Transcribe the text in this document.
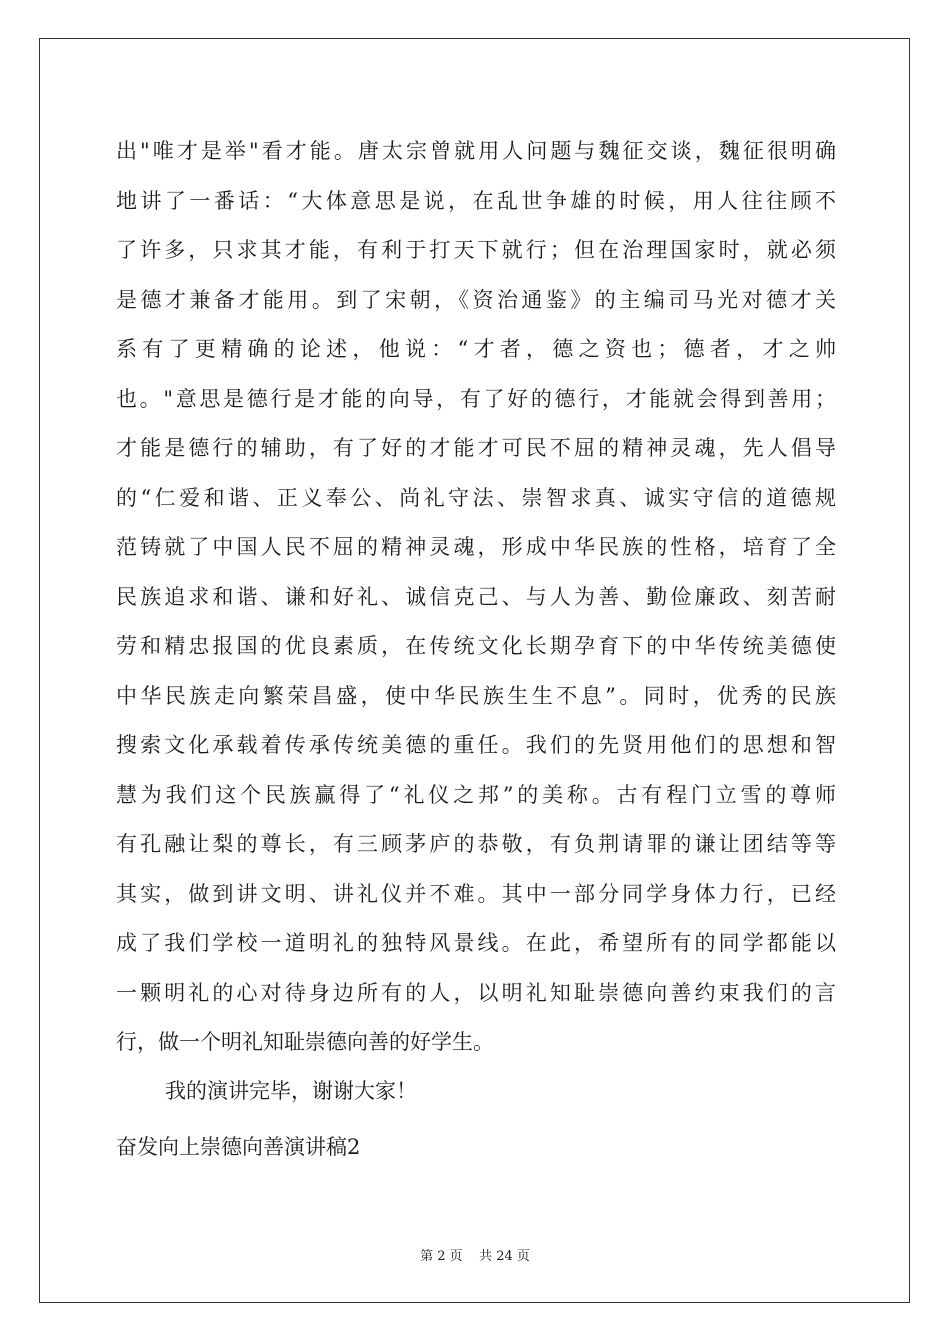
出"唯才是举"看才能。唐太宗曾就用人问题与魏征交谈，魏征很明确
地讲了一番话：“大体意思是说，在乱世争雄的时候，用人往往顾不
了许多，只求其才能，有利于打天下就行；但在治理国家时，就必须
是德才兼备才能用。到了宋朝，《资治通鉴》的主编司马光对德才关
系有了更精确的论述，他说：“才者，德之资也；德者，才之帅
也。"意思是德行是才能的向导，有了好的德行，才能就会得到善用；
才能是德行的辅助，有了好的才能才可民不屈的精神灵魂，先人倡导
的“仁爱和谐、正义奉公、尚礼守法、崇智求真、诚实守信的道德规
范铸就了中国人民不屈的精神灵魂，形成中华民族的性格，培育了全
民族追求和谐、谦和好礼、诚信克己、与人为善、勤俭廉政、刻苦耐
劳和精忠报国的优良素质，在传统文化长期孕育下的中华传统美德使
中华民族走向繁荣昌盛，使中华民族生生不息”。同时，优秀的民族
搜索文化承载着传承传统美德的重任。我们的先贤用他们的思想和智
慧为我们这个民族赢得了“礼仪之邦”的美称。古有程门立雪的尊师
有孔融让梨的尊长，有三顾茅庐的恭敬，有负荆请罪的谦让团结等等
其实，做到讲文明、讲礼仪并不难。其中一部分同学身体力行，已经
成了我们学校一道明礼的独特风景线。在此，希望所有的同学都能以
一颗明礼的心对待身边所有的人，以明礼知耻崇德向善约束我们的言
行，做一个明礼知耻崇德向善的好学生。
我的演讲完毕，谢谢大家！
奋发向上崇德向善演讲稿2
第 2 页    共 24 页
